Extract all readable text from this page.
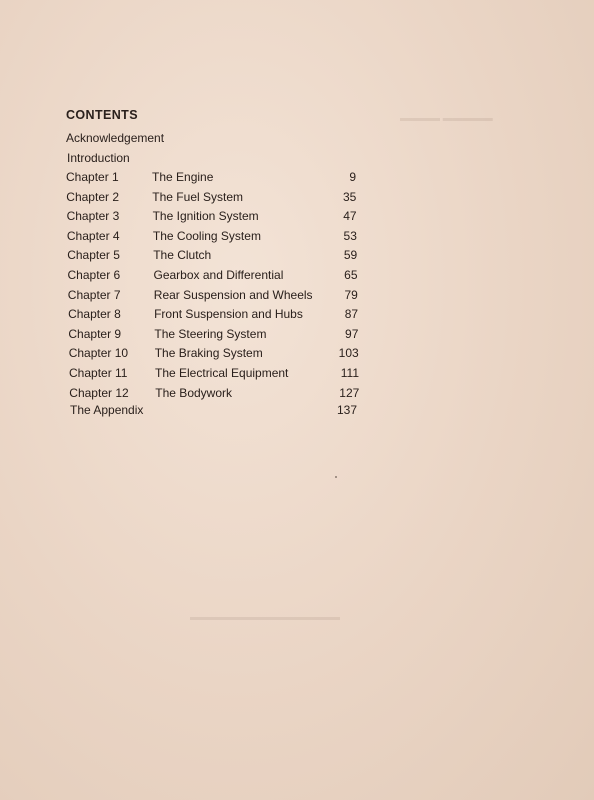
CONTENTS
Acknowledgement
Introduction
Chapter 1	The Engine	9
Chapter 2	The Fuel System	35
Chapter 3	The Ignition System	47
Chapter 4	The Cooling System	53
Chapter 5	The Clutch	59
Chapter 6	Gearbox and Differential	65
Chapter 7	Rear Suspension and Wheels	79
Chapter 8	Front Suspension and Hubs	87
Chapter 9	The Steering System	97
Chapter 10 The Braking System	103
Chapter 11 The Electrical Equipment	111
Chapter 12 The Bodywork	127
The Appendix	137
▬▬▬▬ ▬▬▬▬▬
▬▬▬▬▬▬▬▬▬▬▬▬▬▬▬
